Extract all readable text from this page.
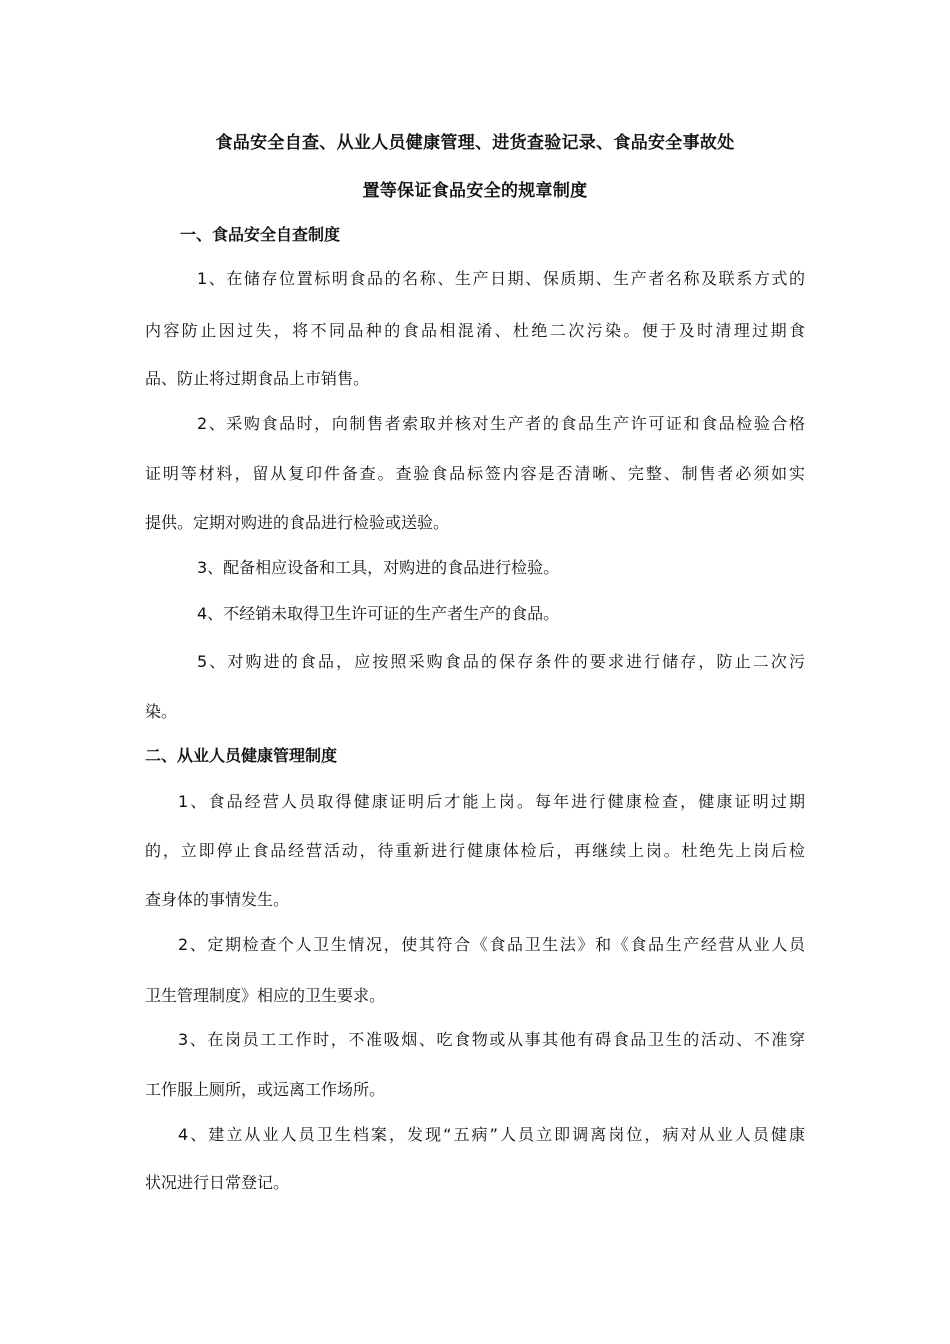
食品安全自查、从业人员健康管理、进货查验记录、食品安全事故处
置等保证食品安全的规章制度
一、食品安全自查制度
1、在储存位置标明食品的名称、生产日期、保质期、生产者名称及联系方式的
内容防止因过失，将不同品种的食品相混淆、杜绝二次污染。便于及时清理过期食
品、防止将过期食品上市销售。
2、采购食品时，向制售者索取并核对生产者的食品生产许可证和食品检验合格
证明等材料，留从复印件备查。查验食品标签内容是否清晰、完整、制售者必须如实
提供。定期对购进的食品进行检验或送验。
3、配备相应设备和工具，对购进的食品进行检验。
4、不经销未取得卫生许可证的生产者生产的食品。
5、对购进的食品，应按照采购食品的保存条件的要求进行储存，防止二次污
染。
二、从业人员健康管理制度
1、食品经营人员取得健康证明后才能上岗。每年进行健康检查，健康证明过期
的，立即停止食品经营活动，待重新进行健康体检后，再继续上岗。杜绝先上岗后检
查身体的事情发生。
2、定期检查个人卫生情况，使其符合《食品卫生法》和《食品生产经营从业人员
卫生管理制度》相应的卫生要求。
3、在岗员工工作时，不准吸烟、吃食物或从事其他有碍食品卫生的活动、不准穿
工作服上厕所，或远离工作场所。
4、建立从业人员卫生档案，发现“五病”人员立即调离岗位，病对从业人员健康
状况进行日常登记。
